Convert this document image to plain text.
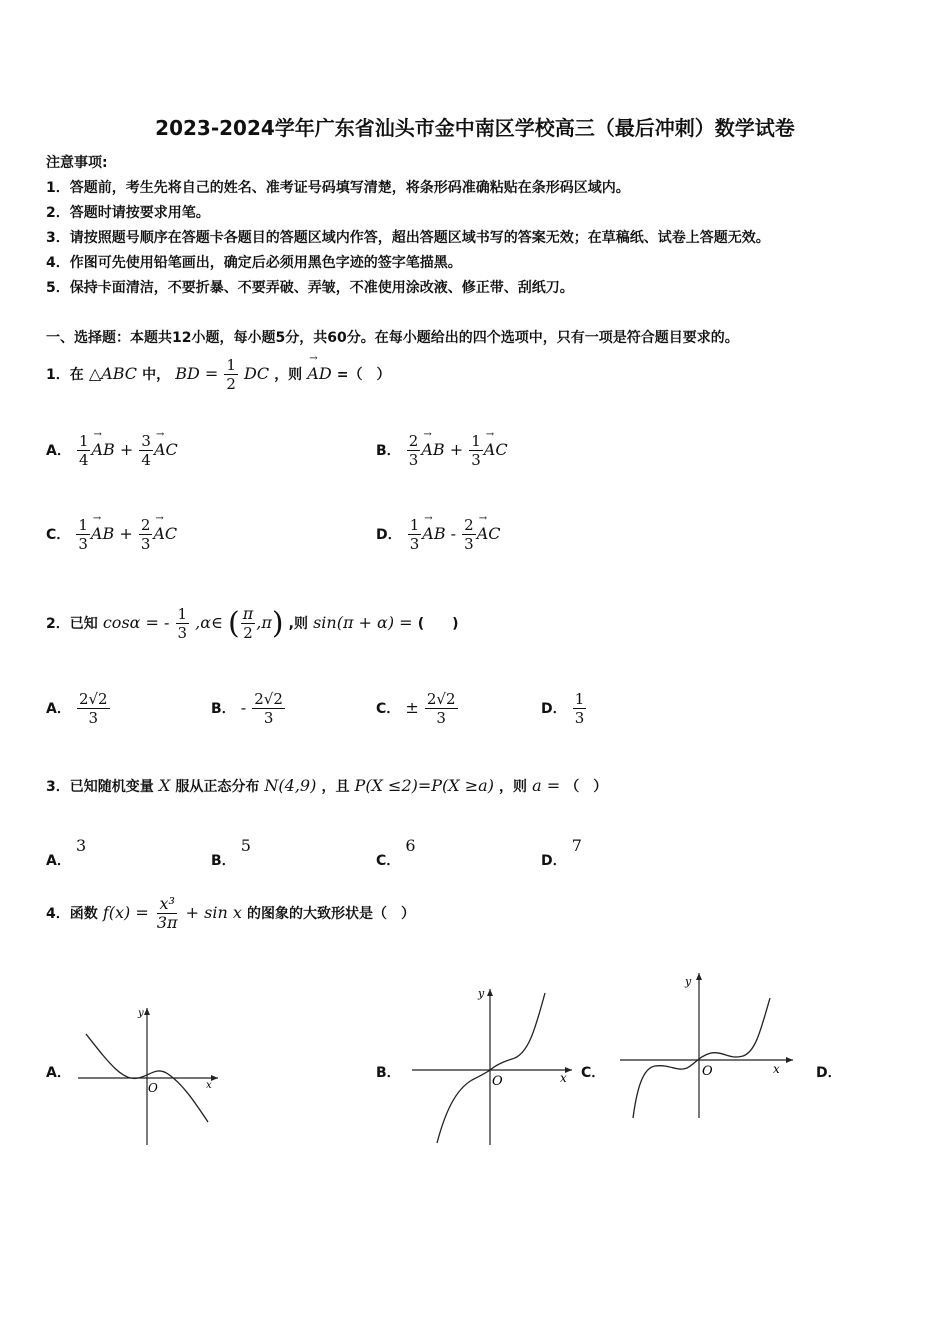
2023-2024学年广东省汕头市金中南区学校高三（最后冲刺）数学试卷
注意事项:
1．答题前，考生先将自己的姓名、准考证号码填写清楚，将条形码准确粘贴在条形码区域内。
2．答题时请按要求用笔。
3．请按照题号顺序在答题卡各题目的答题区域内作答，超出答题区域书写的答案无效；在草稿纸、试卷上答题无效。
4．作图可先使用铅笔画出，确定后必须用黑色字迹的签字笔描黑。
5．保持卡面清洁，不要折暴、不要弄破、弄皱，不准使用涂改液、修正带、刮纸刀。
一、选择题：本题共12小题，每小题5分，共60分。在每小题给出的四个选项中，只有一项是符合题目要求的。
1．在 △ABC 中， BD = $\frac{1}{2}$ DC ，则 → AD =（　）
A． $\frac{1}{4}$ → AB + $\frac{3}{4}$ → AC	B． $\frac{2}{3}$ → AB + $\frac{1}{3}$ → AC
C． $\frac{1}{3}$ → AB + $\frac{2}{3}$ → AC	D． $\frac{1}{3}$ → AB - $\frac{2}{3}$ → AC
2．已知 cosα = - $\frac{1}{3}$ ,α∈ ( $\frac{\pi}{2} ,\pi$) ,则 sin(π + α) = (　　)
A． $\frac{2√2}{3}$	B． - $\frac{2√2}{3}$	C． ± $\frac{2√2}{3}$	D． $\frac{1}{3}$
3．已知随机变量 X 服从正态分布 N(4,9) ，且 P(X ≤2)=P(X ≥a) ，则 a = （　）
A． 3
B． 5
C． 6
D． 7
4．函数 $f(x) = \frac{\text{x³}}{3\pi} + \sin x$ 的图象的大致形状是（　）
A．	B．	C．	D．
y
x
O
y
x
O
y
x
O
